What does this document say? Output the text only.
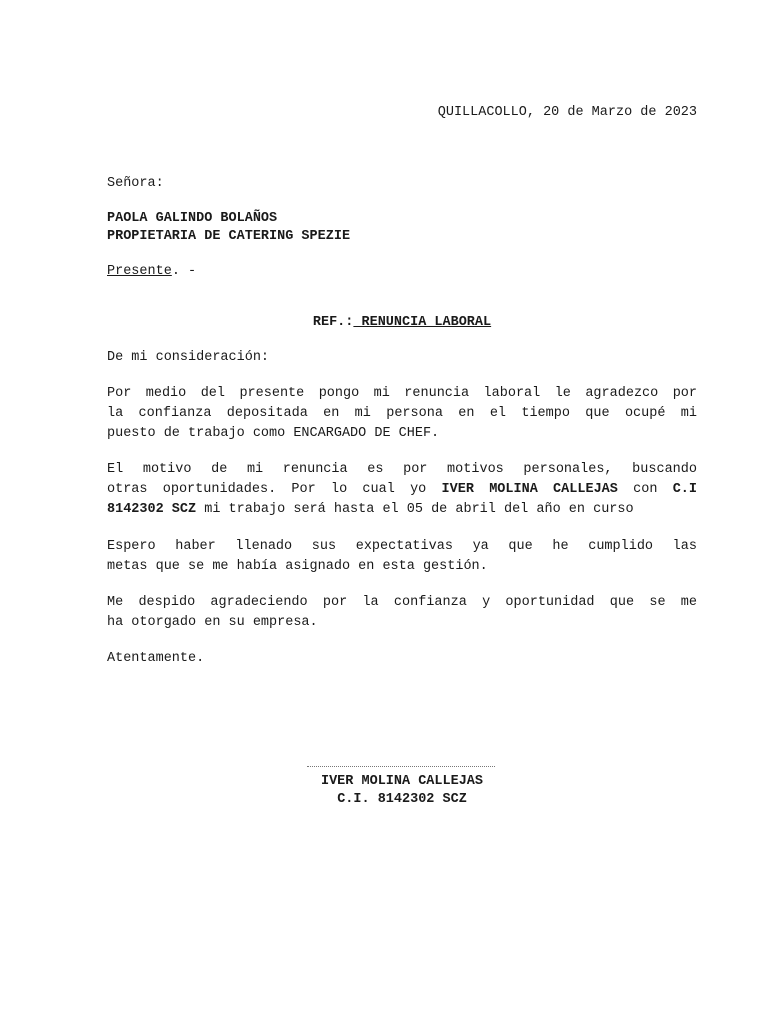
QUILLACOLLO, 20 de Marzo de 2023
Señora:
PAOLA GALINDO BOLAÑOS
PROPIETARIA DE CATERING SPEZIE
Presente. -
REF.: RENUNCIA LABORAL
De mi consideración:
Por medio del presente pongo mi renuncia laboral le agradezco por
la confianza depositada en mi persona en el tiempo que ocupé mi
puesto de trabajo como ENCARGADO DE CHEF.
El motivo de mi renuncia es por motivos personales, buscando
otras oportunidades. Por lo cual yo IVER MOLINA CALLEJAS con C.I
8142302 SCZ mi trabajo será hasta el 05 de abril del año en curso
Espero haber llenado sus expectativas ya que he cumplido las
metas que se me había asignado en esta gestión.
Me despido agradeciendo por la confianza y oportunidad que se me
ha otorgado en su empresa.
Atentamente.
IVER MOLINA CALLEJAS
C.I. 8142302 SCZ
